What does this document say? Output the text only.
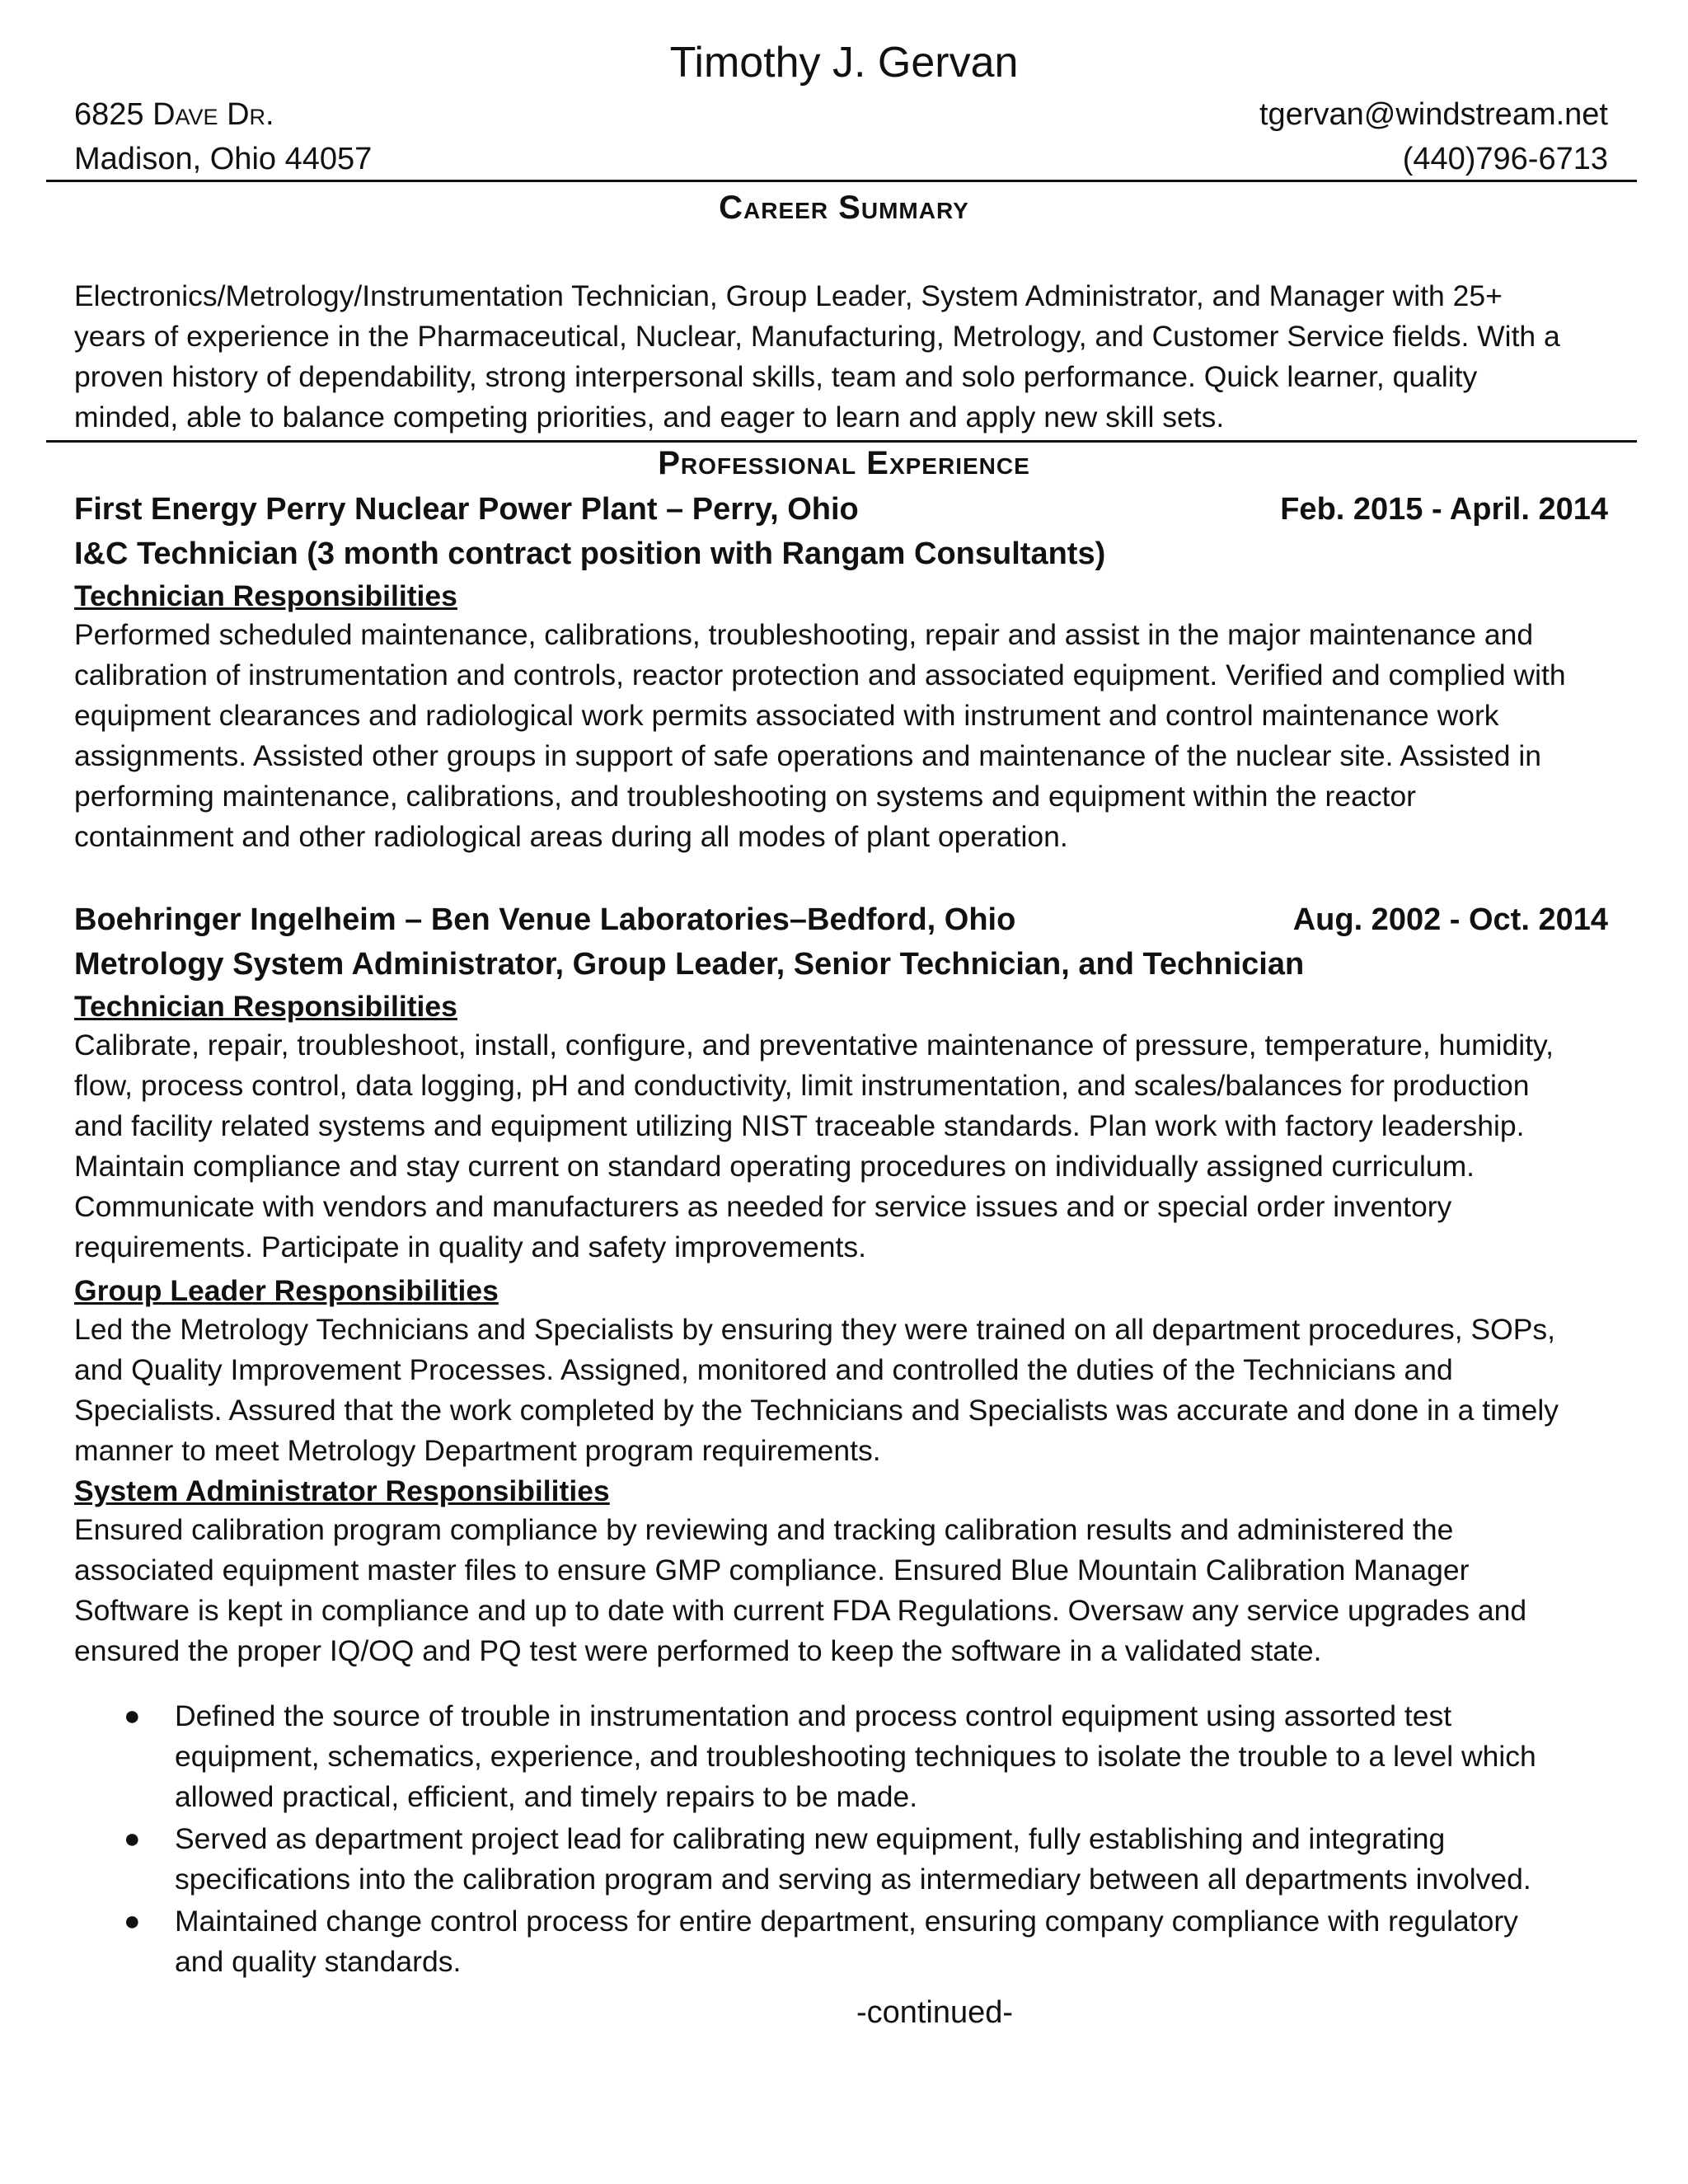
Timothy J. Gervan
6825 Dave Dr.	tgervan@windstream.net
Madison, Ohio 44057	(440)796-6713
Career Summary
Electronics/Metrology/Instrumentation Technician, Group Leader, System Administrator, and Manager with 25+
years of experience in the Pharmaceutical, Nuclear, Manufacturing, Metrology, and Customer Service fields. With a
proven history of dependability, strong interpersonal skills, team and solo performance. Quick learner, quality
minded, able to balance competing priorities, and eager to learn and apply new skill sets.
Professional Experience
First Energy Perry Nuclear Power Plant – Perry, Ohio	Feb. 2015 - April. 2014
I&C Technician (3 month contract position with Rangam Consultants)
Technician Responsibilities
Performed scheduled maintenance, calibrations, troubleshooting, repair and assist in the major maintenance and
calibration of instrumentation and controls, reactor protection and associated equipment. Verified and complied with
equipment clearances and radiological work permits associated with instrument and control maintenance work
assignments. Assisted other groups in support of safe operations and maintenance of the nuclear site. Assisted in
performing maintenance, calibrations, and troubleshooting on systems and equipment within the reactor
containment and other radiological areas during all modes of plant operation.
Boehringer Ingelheim – Ben Venue Laboratories–Bedford, Ohio	Aug. 2002 - Oct. 2014
Metrology System Administrator, Group Leader, Senior Technician, and Technician
Technician Responsibilities
Calibrate, repair, troubleshoot, install, configure, and preventative maintenance of pressure, temperature, humidity,
flow, process control, data logging, pH and conductivity, limit instrumentation, and scales/balances for production
and facility related systems and equipment utilizing NIST traceable standards. Plan work with factory leadership.
Maintain compliance and stay current on standard operating procedures on individually assigned curriculum.
Communicate with vendors and manufacturers as needed for service issues and or special order inventory
requirements. Participate in quality and safety improvements.
Group Leader Responsibilities
Led the Metrology Technicians and Specialists by ensuring they were trained on all department procedures, SOPs,
and Quality Improvement Processes. Assigned, monitored and controlled the duties of the Technicians and
Specialists. Assured that the work completed by the Technicians and Specialists was accurate and done in a timely
manner to meet Metrology Department program requirements.
System Administrator Responsibilities
Ensured calibration program compliance by reviewing and tracking calibration results and administered the
associated equipment master files to ensure GMP compliance. Ensured Blue Mountain Calibration Manager
Software is kept in compliance and up to date with current FDA Regulations. Oversaw any service upgrades and
ensured the proper IQ/OQ and PQ test were performed to keep the software in a validated state.
● Defined the source of trouble in instrumentation and process control equipment using assorted test
equipment, schematics, experience, and troubleshooting techniques to isolate the trouble to a level which
allowed practical, efficient, and timely repairs to be made.
● Served as department project lead for calibrating new equipment, fully establishing and integrating
specifications into the calibration program and serving as intermediary between all departments involved.
● Maintained change control process for entire department, ensuring company compliance with regulatory
and quality standards.
-continued-
